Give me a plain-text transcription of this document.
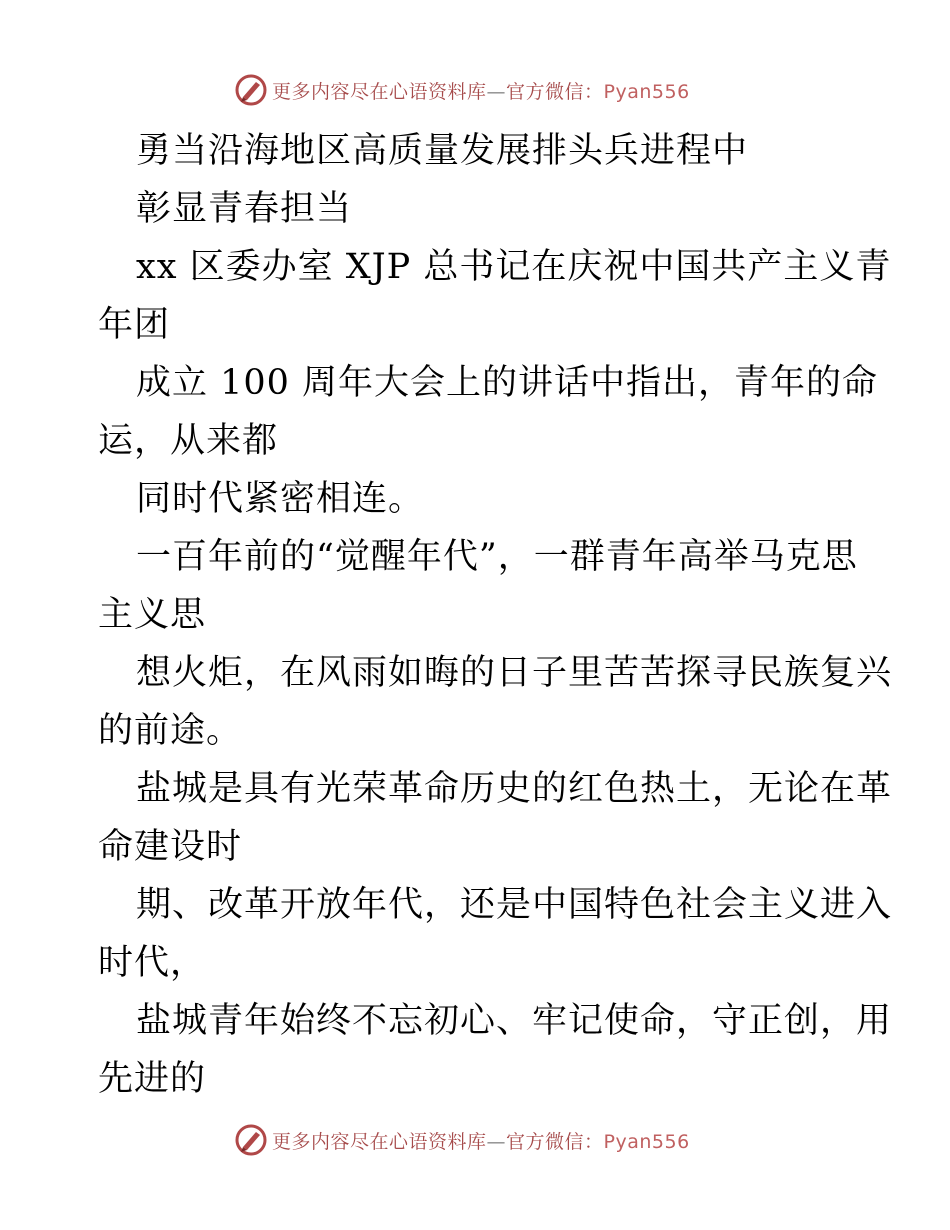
更多内容尽在心语资料库—官方微信：Pyan556
勇当沿海地区高质量发展排头兵进程中
彰显青春担当
xx 区委办室 XJP 总书记在庆祝中国共产主义青
年团
成立 100 周年大会上的讲话中指出，青年的命
运，从来都
同时代紧密相连。
一百年前的“觉醒年代”，一群青年高举马克思
主义思
想火炬，在风雨如晦的日子里苦苦探寻民族复兴
的前途。
盐城是具有光荣革命历史的红色热土，无论在革
命建设时
期、改革开放年代，还是中国特色社会主义进入
时代，
盐城青年始终不忘初心、牢记使命，守正创，用
先进的
更多内容尽在心语资料库—官方微信：Pyan556
